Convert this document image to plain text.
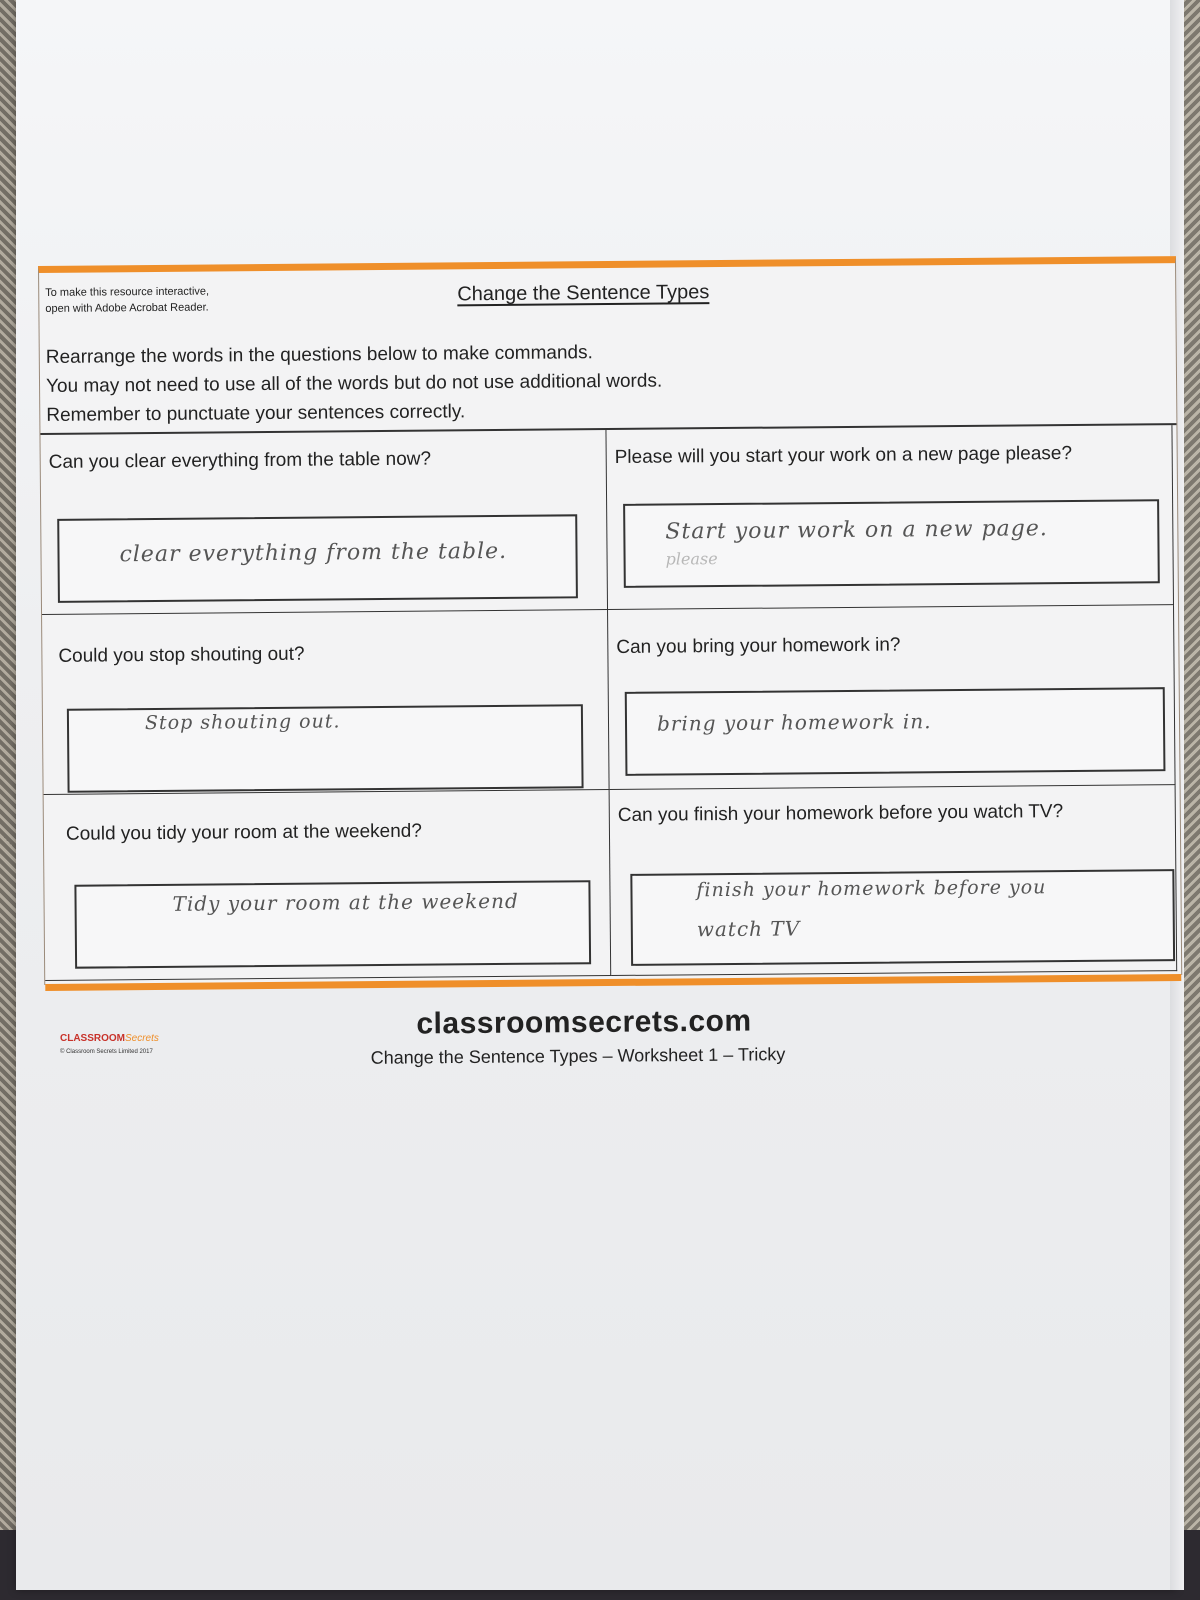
To make this resource interactive,
open with Adobe Acrobat Reader.
Change the Sentence Types
Rearrange the words in the questions below to make commands.
You may not need to use all of the words but do not use additional words.
Remember to punctuate your sentences correctly.
Can you clear everything from the table now?
clear everything from the table.
Please will you start your work on a new page please?
Start your work on a new page.
please
Could you stop shouting out?
Stop shouting out.
Can you bring your homework in?
bring your homework in.
Could you tidy your room at the weekend?
Tidy your room at the weekend
Can you finish your homework before you watch TV?
finish your homework before you
watch TV
CLASSROOMSecrets
© Classroom Secrets Limited 2017
classroomsecrets.com
Change the Sentence Types – Worksheet 1 – Tricky
